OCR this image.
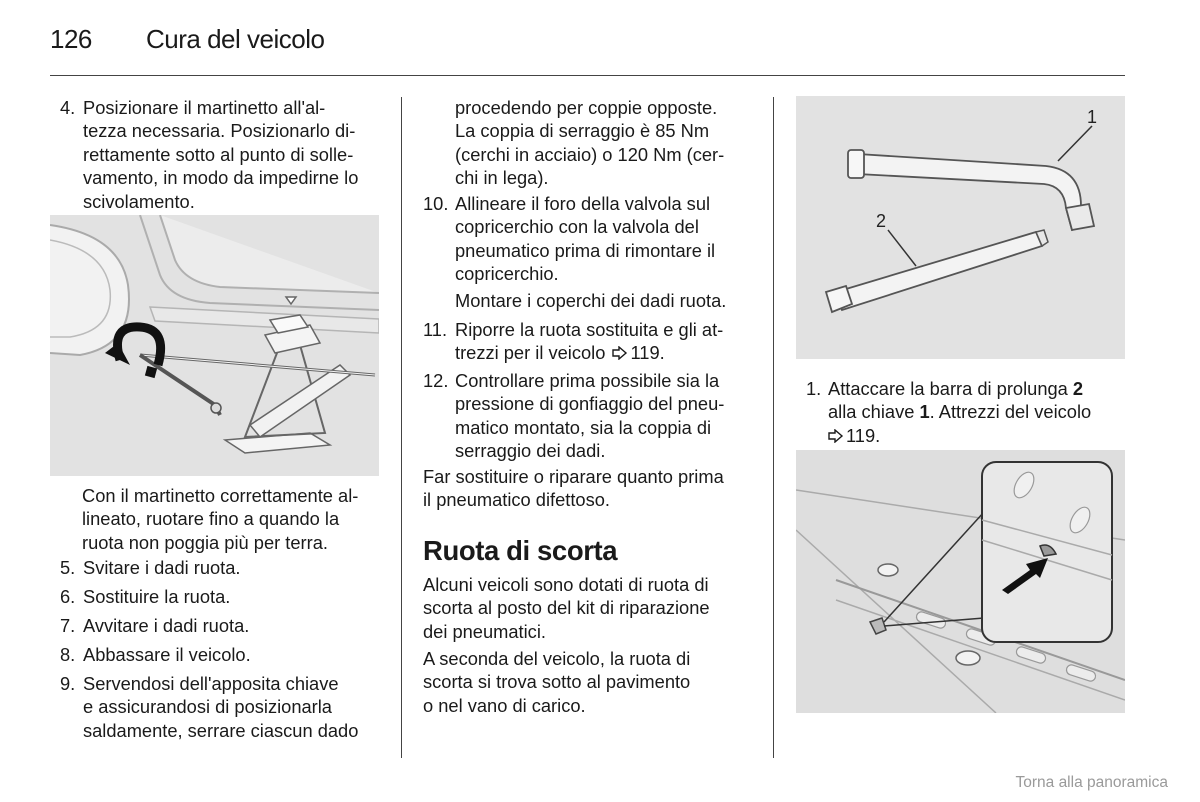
126 Cura del veicolo
4. Posizionare il martinetto all'al-
tezza necessaria. Posizionarlo di-
rettamente sotto al punto di solle-
vamento, in modo da impedirne lo
scivolamento.
Con il martinetto correttamente al-
lineato, ruotare fino a quando la
ruota non poggia più per terra.
5. Svitare i dadi ruota.
6. Sostituire la ruota.
7. Avvitare i dadi ruota.
8. Abbassare il veicolo.
9. Servendosi dell'apposita chiave
e assicurandosi di posizionarla
saldamente, serrare ciascun dado
procedendo per coppie opposte.
La coppia di serraggio è 85 Nm
(cerchi in acciaio) o 120 Nm (cer-
chi in lega).
10. Allineare il foro della valvola sul
copricerchio con la valvola del
pneumatico prima di rimontare il
copricerchio.
Montare i coperchi dei dadi ruota.
11. Riporre la ruota sostituita e gli at-
trezzi per il veicolo 119.
12. Controllare prima possibile sia la
pressione di gonfiaggio del pneu-
matico montato, sia la coppia di
serraggio dei dadi.
Far sostituire o riparare quanto prima
il pneumatico difettoso.
Ruota di scorta
Alcuni veicoli sono dotati di ruota di
scorta al posto del kit di riparazione
dei pneumatici.
A seconda del veicolo, la ruota di
scorta si trova sotto al pavimento
o nel vano di carico.
1
2
1. Attaccare la barra di prolunga 2
alla chiave 1. Attrezzi del veicolo
119.
Torna alla panoramica
